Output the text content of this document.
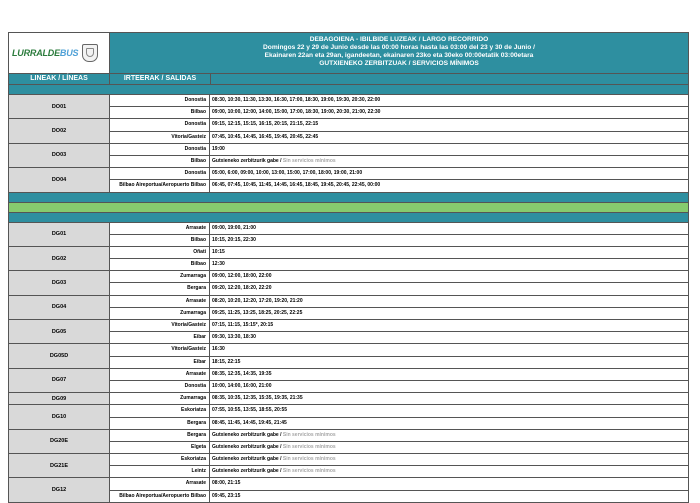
LURRALDEBUS
DEBAGOIENA - IBILBIDE LUZEAK / LARGO RECORRIDO
Domingos 22 y 29 de Junio desde las 00:00 horas hasta las 03:00 del 23 y 30 de Junio /
Ekainaren 22an eta 29an, igandeetan, ekainaren 23ko eta 30eko 00:00etatik 03:00etara
GUTXIENEKO ZERBITZUAK / SERVICIOS MÍNIMOS
LINEAK / LÍNEAS	IRTEERAK / SALIDAS
DO01
Donostia	08:30, 10:30, 11:30, 13:30, 16:30, 17:00, 18:30, 19:00, 19:30, 20:30, 22:00
Bilbao	09:00, 10:00, 12:00, 14:00, 15:00, 17:00, 18:30, 19:00, 20:30, 21:00, 22:30
DO02
Donostia	09:15, 12:15, 15:15, 16:15, 20:15, 21:15, 22:15
Vitoria/Gasteiz	07:45, 10:45, 14:45, 16:45, 19:45, 20:45, 22:45
DO03
Donostia	19:00
Bilbao	Gutxieneko zerbitzurik gabe / Sin servicios mínimos
DO04
Donostia	05:00, 6:00, 09:00, 10:00, 13:00, 15:00, 17:00, 18:00, 19:00, 21:00
Bilbao Aireportua/Aeropuerto Bilbao	06:45, 07:45, 10:45, 11:45, 14:45, 16:45, 18:45, 19:45, 20:45, 22:45, 00:00
DG01
Arrasate	09:00, 19:00, 21:00
Bilbao	10:15, 20:15, 22:30
DG02
Oñati	10:15
Bilbao	12:30
DG03
Zumarraga	09:00, 12:00, 18:00, 22:00
Bergara	09:20, 12:20, 18:20, 22:20
DG04
Arrasate	08:20, 10:20, 12:20, 17:20, 19:20, 21:20
Zumarraga	09:25, 11:25, 13:25, 18:25, 20:25, 22:25
DG05
Vitoria/Gasteiz	07:15, 11:15, 15:15*, 20:15
Eibar	09:30, 13:30, 18:30
DG05D
Vitoria/Gasteiz	16:30
Eibar	18:15, 22:15
DG07
Arrasate	08:35, 12:35, 14:35, 19:35
Donostia	10:00, 14:00, 16:00, 21:00
DG09	Zumarraga	08:35, 10:35, 12:35, 15:35, 19:35, 21:35
DG10
Eskoriatza	07:55, 10:55, 13:55, 18:55, 20:55
Bergara	08:45, 11:45, 14:45, 19:45, 21:45
DG20E
Bergara	Gutxieneko zerbitzurik gabe / Sin servicios mínimos
Elgeta	Gutxieneko zerbitzurik gabe / Sin servicios mínimos
DG21E
Eskoriatza	Gutxieneko zerbitzurik gabe / Sin servicios mínimos
Leintz	Gutxieneko zerbitzurik gabe / Sin servicios mínimos
DG12
Arrasate	08:00, 21:15
Bilbao Aireportua/Aeropuerto Bilbao	09:45, 23:15
